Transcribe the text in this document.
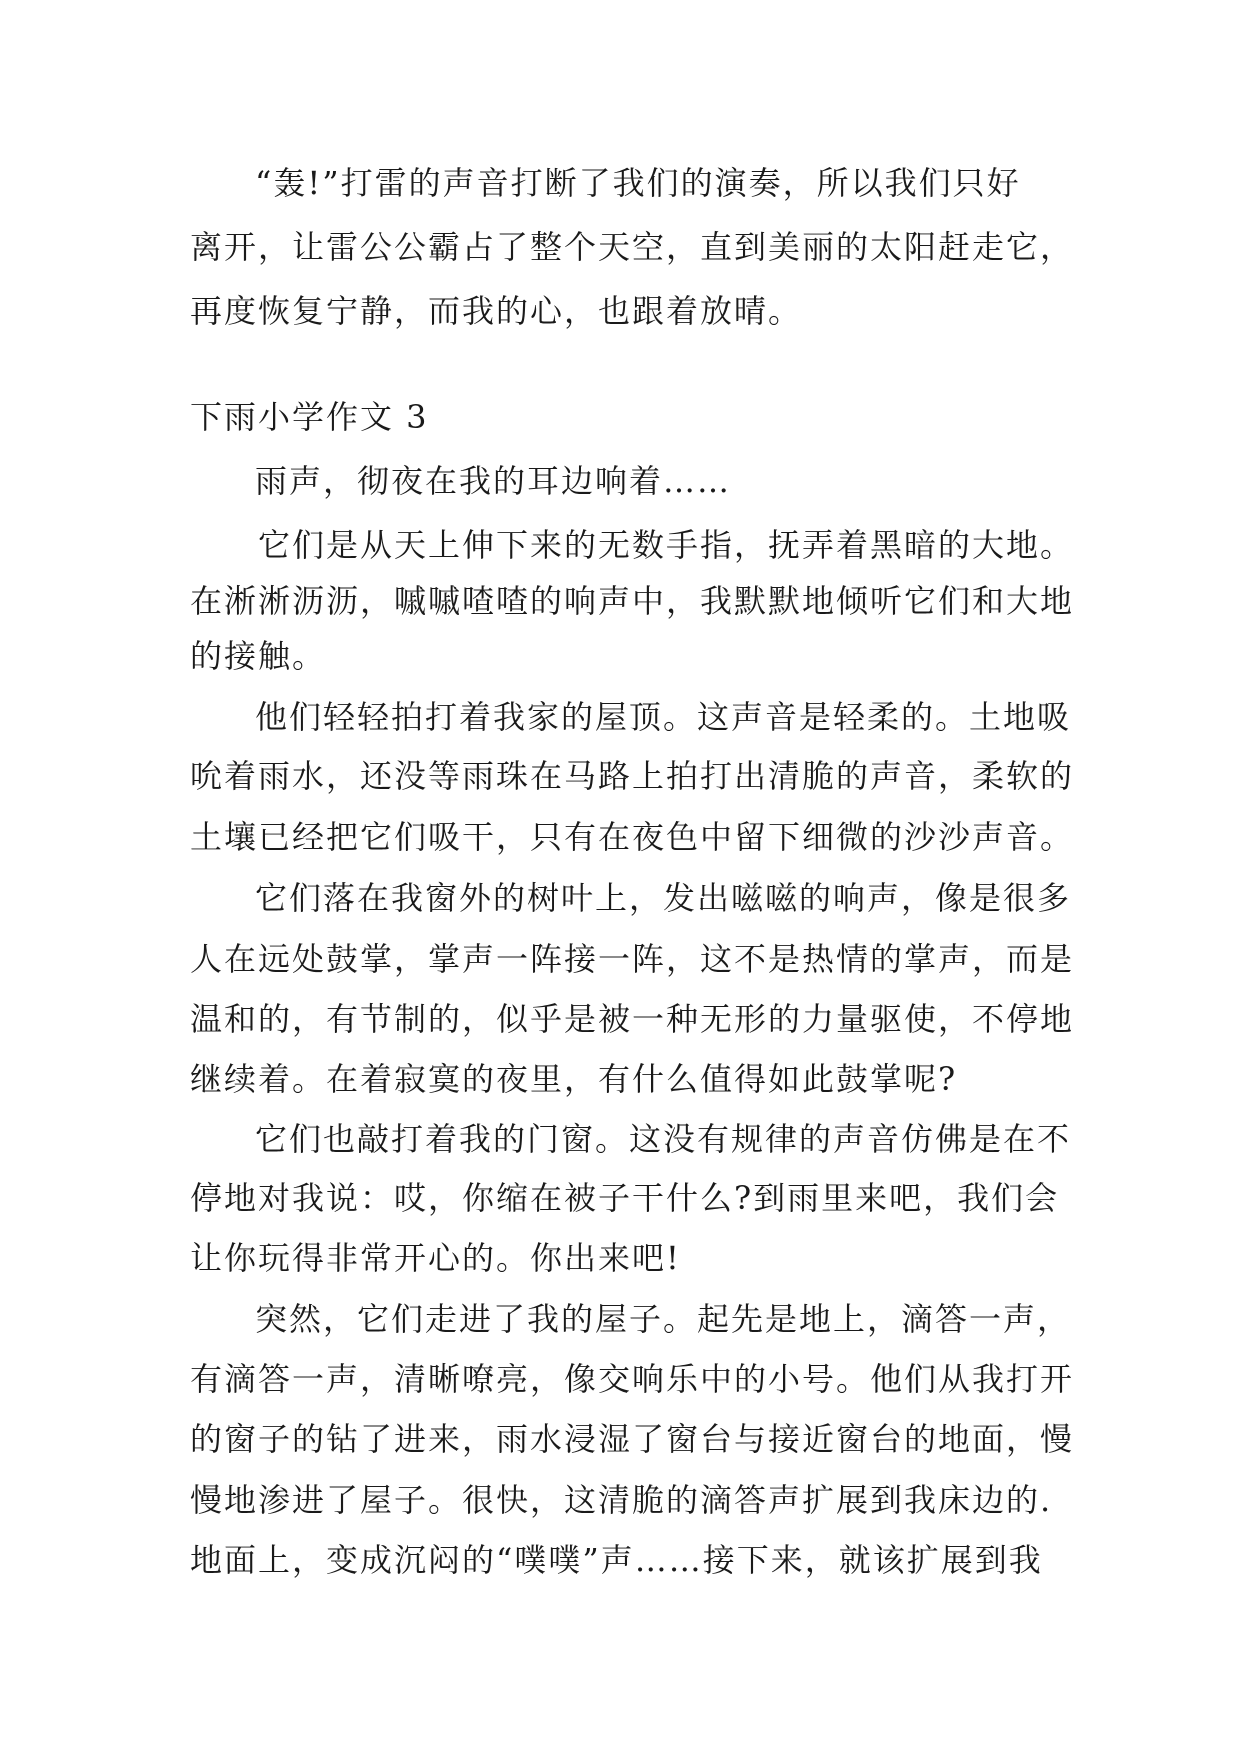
“轰!”打雷的声音打断了我们的演奏，所以我们只好

离开，让雷公公霸占了整个天空，直到美丽的太阳赶走它，

再度恢复宁静，而我的心，也跟着放晴。

下雨小学作文 3

雨声，彻夜在我的耳边响着……

它们是从天上伸下来的无数手指，抚弄着黑暗的大地。

在淅淅沥沥，嘁嘁喳喳的响声中，我默默地倾听它们和大地

的接触。

他们轻轻拍打着我家的屋顶。这声音是轻柔的。土地吸

吮着雨水，还没等雨珠在马路上拍打出清脆的声音，柔软的

土壤已经把它们吸干，只有在夜色中留下细微的沙沙声音。

它们落在我窗外的树叶上，发出嗞嗞的响声，像是很多

人在远处鼓掌，掌声一阵接一阵，这不是热情的掌声，而是

温和的，有节制的，似乎是被一种无形的力量驱使，不停地

继续着。在着寂寞的夜里，有什么值得如此鼓掌呢?

它们也敲打着我的门窗。这没有规律的声音仿佛是在不

停地对我说：哎，你缩在被子干什么?到雨里来吧，我们会

让你玩得非常开心的。你出来吧!

突然，它们走进了我的屋子。起先是地上，滴答一声，

有滴答一声，清晰嘹亮，像交响乐中的小号。他们从我打开

的窗子的钻了进来，雨水浸湿了窗台与接近窗台的地面，慢

慢地渗进了屋子。很快，这清脆的滴答声扩展到我床边的.

地面上，变成沉闷的“噗噗”声……接下来，就该扩展到我
